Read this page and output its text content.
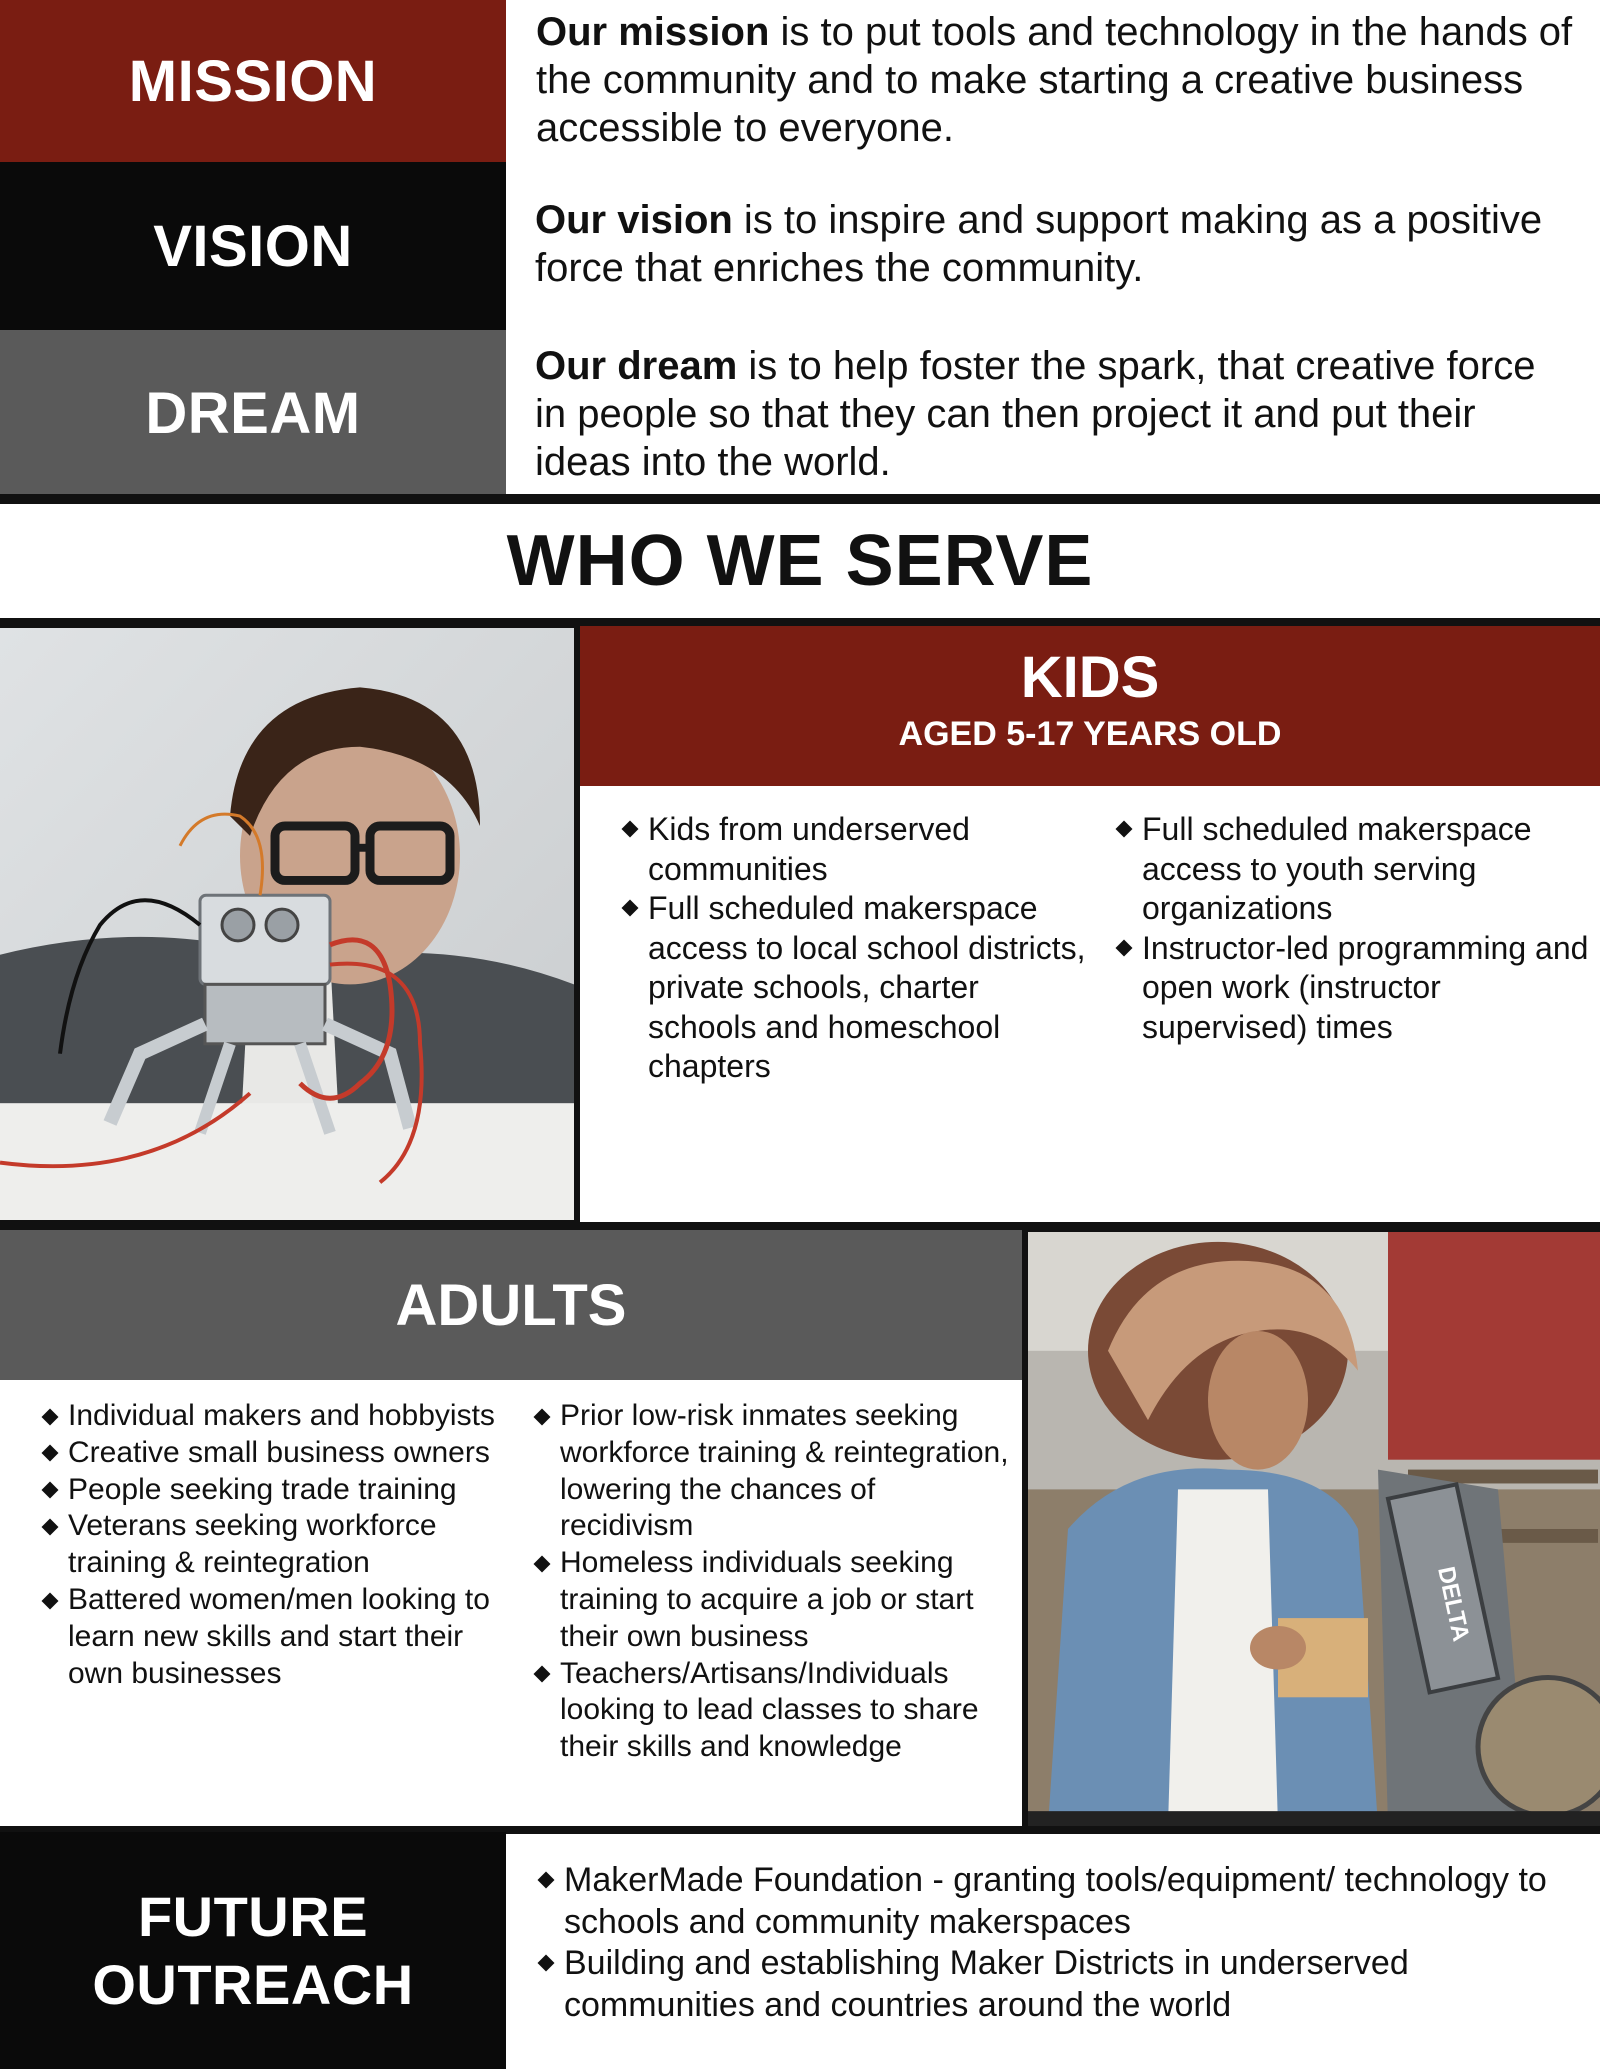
MISSION
Our mission is to put tools and technology in the hands of the community and to make starting a creative business accessible to everyone.
VISION	Our vision is to inspire and support making as a positive force that enriches the community.
DREAM
Our dream is to help foster the spark, that creative force in people so that they can then project it and put their ideas into the world.
WHO WE SERVE
KIDS
AGED 5-17 YEARS OLD
Kids from underserved communities
Full scheduled makerspace access to local school districts, private schools, charter schools and homeschool chapters
Full scheduled makerspace access to youth serving organizations
Instructor-led programming and open work (instructor supervised) times
ADULTS
DELTA
Individual makers and hobbyists
Creative small business owners
People seeking trade training
Veterans seeking workforce training & reintegration
Battered women/men looking to learn new skills and start their own businesses
Prior low-risk inmates seeking workforce training & reintegration, lowering the chances of recidivism
Homeless individuals seeking training to acquire a job or start their own business
Teachers/Artisans/Individuals looking to lead classes to share their skills and knowledge
FUTURE
OUTREACH
MakerMade Foundation - granting tools/equipment/ technology to schools and community makerspaces
Building and establishing Maker Districts in underserved communities and countries around the world
